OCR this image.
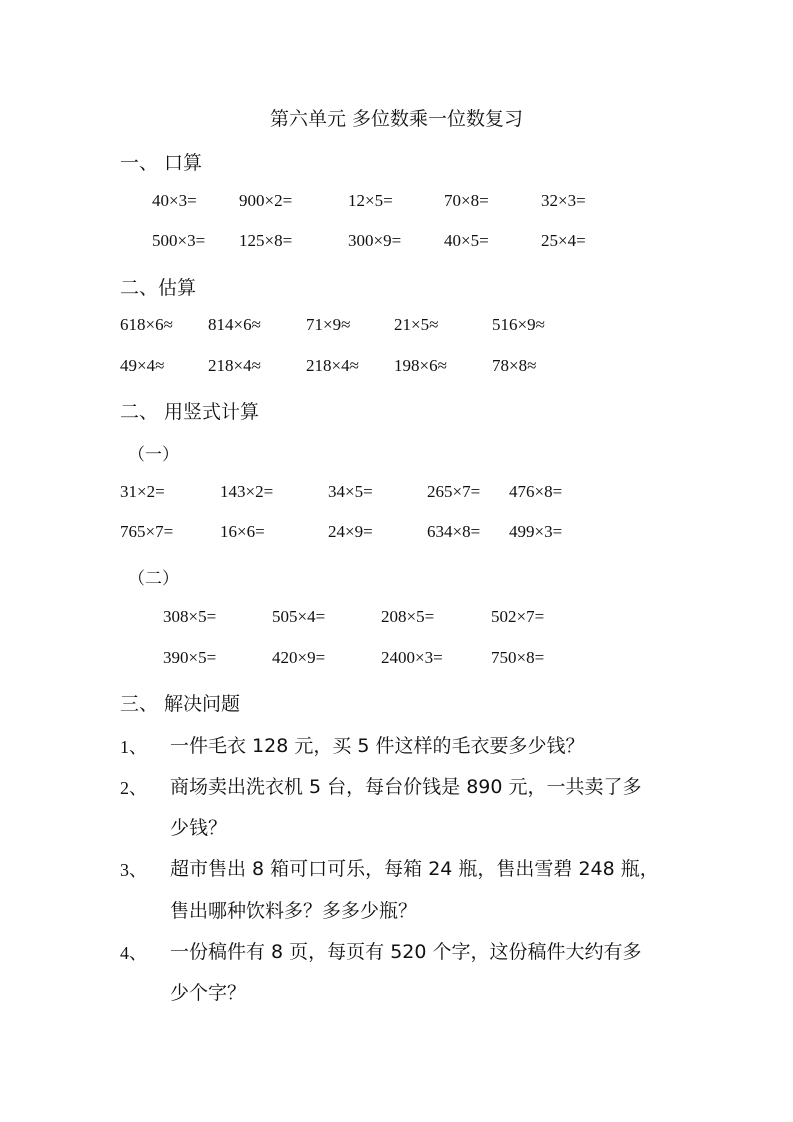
第六单元 多位数乘一位数复习
一、 口算
40×3= 900×2=	12×5=	70×8=	32×3=
500×3= 125×8=	300×9=	40×5=	25×4=
二、估算
618×6≈ 814×6≈	71×9≈	21×5≈	516×9≈
49×4≈	218×4≈	218×4≈ 198×6≈	78×8≈
二、 用竖式计算
（一）
31×2=	143×2=	34×5=	265×7= 476×8=
765×7=	16×6=	24×9=	634×8= 499×3=
（二）
308×5=	505×4=	208×5=	502×7=
390×5=	420×9=	2400×3=	750×8=
三、 解决问题
1、 一件毛衣 128 元，买 5 件这样的毛衣要多少钱？
2、 商场卖出洗衣机 5 台，每台价钱是 890 元，一共卖了多
少钱？
3、 超市售出 8 箱可口可乐，每箱 24 瓶，售出雪碧 248 瓶，
售出哪种饮料多？多多少瓶？
4、 一份稿件有 8 页，每页有 520 个字，这份稿件大约有多
少个字？
